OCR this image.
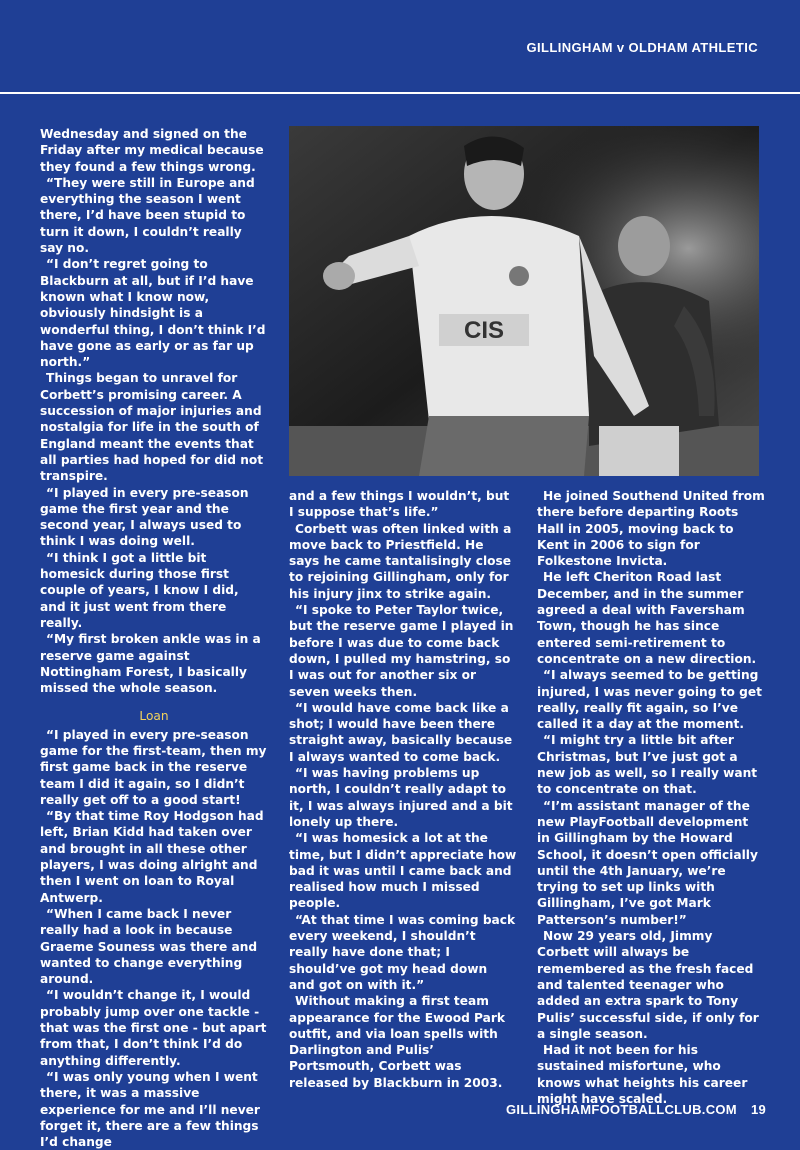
GILLINGHAM v OLDHAM ATHLETIC
CIS

Wednesday and signed on the Friday after my medical because they found a few things wrong.

“They were still in Europe and everything the season I went there, I’d have been stupid to turn it down, I couldn’t really say no.

“I don’t regret going to Blackburn at all, but if I’d have known what I know now, obviously hindsight is a wonderful thing, I don’t think I’d have gone as early or as far up north.”

Things began to unravel for Corbett’s promising career. A succession of major injuries and nostalgia for life in the south of England meant the events that all parties had hoped for did not transpire.

“I played in every pre-season game the first year and the second year, I always used to think I was doing well.

“I think I got a little bit homesick during those first couple of years, I know I did, and it just went from there really.

“My first broken ankle was in a reserve game against Nottingham Forest, I basically missed the whole season.

Loan

“I played in every pre-season game for the first-team, then my first game back in the reserve team I did it again, so I didn’t really get off to a good start!

“By that time Roy Hodgson had left, Brian Kidd had taken over and brought in all these other players, I was doing alright and then I went on loan to Royal Antwerp.

“When I came back I never really had a look in because Graeme Souness was there and wanted to change everything around.

“I wouldn’t change it, I would probably jump over one tackle - that was the first one - but apart from that, I don’t think I’d do anything differently.

“I was only young when I went there, it was a massive experience for me and I’ll never forget it, there are a few things I’d change

and a few things I wouldn’t, but I suppose that’s life.”

Corbett was often linked with a move back to Priestfield. He says he came tantalisingly close to rejoining Gillingham, only for his injury jinx to strike again.

“I spoke to Peter Taylor twice, but the reserve game I played in before I was due to come back down, I pulled my hamstring, so I was out for another six or seven weeks then.

“I would have come back like a shot; I would have been there straight away, basically because I always wanted to come back.

“I was having problems up north, I couldn’t really adapt to it, I was always injured and a bit lonely up there.

“I was homesick a lot at the time, but I didn’t appreciate how bad it was until I came back and realised how much I missed people.

“At that time I was coming back every weekend, I shouldn’t really have done that; I should’ve got my head down and got on with it.”

Without making a first team appearance for the Ewood Park outfit, and via loan spells with Darlington and Pulis’ Portsmouth, Corbett was released by Blackburn in 2003.

He joined Southend United from there before departing Roots Hall in 2005, moving back to Kent in 2006 to sign for Folkestone Invicta.

He left Cheriton Road last December, and in the summer agreed a deal with Faversham Town, though he has since entered semi-retirement to concentrate on a new direction.

“I always seemed to be getting injured, I was never going to get really, really fit again, so I’ve called it a day at the moment.

“I might try a little bit after Christmas, but I’ve just got a new job as well, so I really want to concentrate on that.

“I’m assistant manager of the new PlayFootball development in Gillingham by the Howard School, it doesn’t open officially until the 4th January, we’re trying to set up links with Gillingham, I’ve got Mark Patterson’s number!”

Now 29 years old, Jimmy Corbett will always be remembered as the fresh faced and talented teenager who added an extra spark to Tony Pulis’ successful side, if only for a single season.

Had it not been for his sustained misfortune, who knows what heights his career might have scaled.

GILLINGHAMFOOTBALLCLUB.COM 19
